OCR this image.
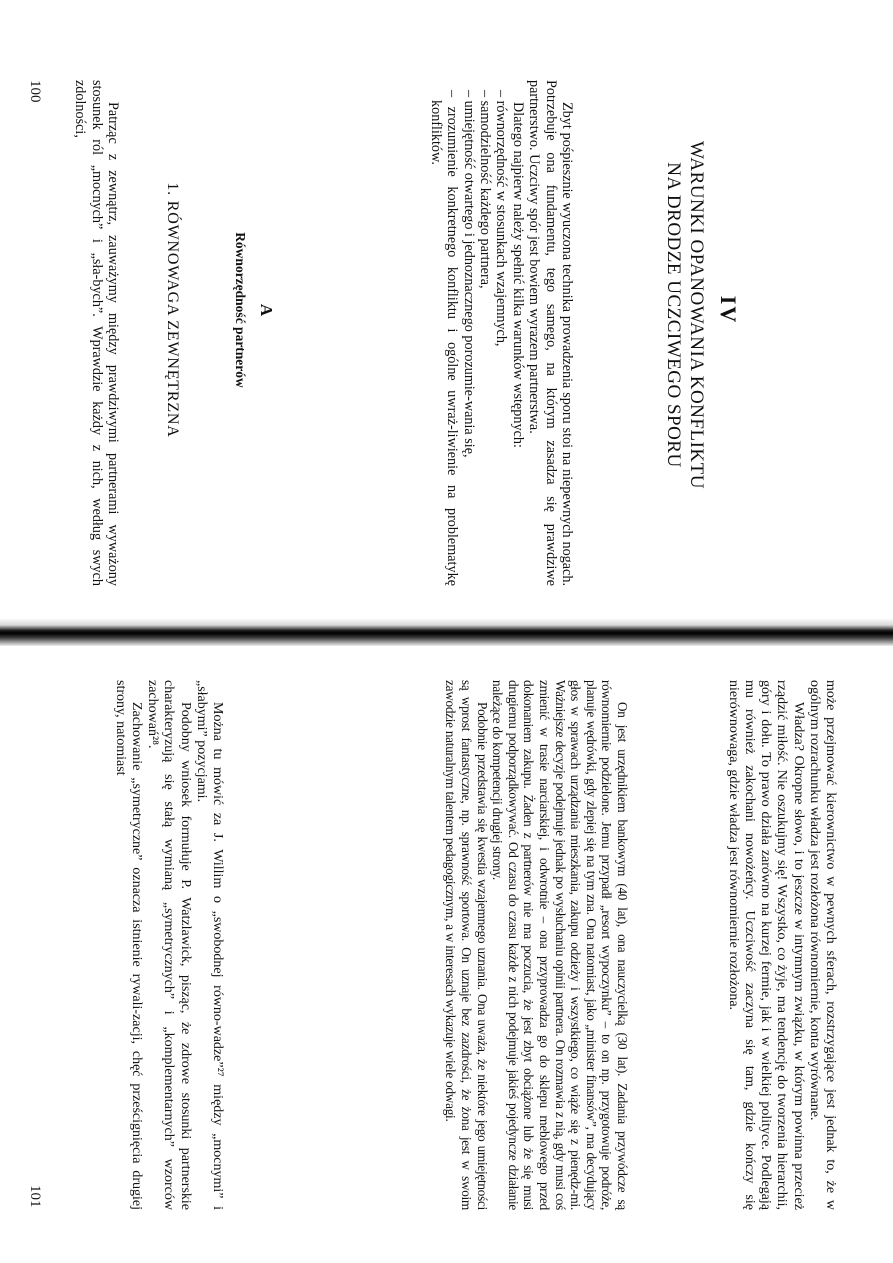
IV
WARUNKI OPANOWANIA KONFLIKTU
NA DRODZE UCZCIWEGO SPORU

Zbyt pośpiesznie wyuczona technika prowadzenia sporu stoi na niepewnych nogach. Potrzebuje ona fundamentu, tego samego, na którym zasadza się prawdziwe partnerstwo. Uczciwy spór jest bowiem wyrazem partnerstwa.

Dlatego najpierw należy spełnić kilka warunków wstępnych:

– równorzędność w stosunkach wzajemnych,
– samodzielność każdego partnera,
– umiejętność otwartego i jednoznacznego porozumie-wania się,
– zrozumienie konkretnego konfliktu i ogólne uwraż-liwienie na problematykę konfliktów.
A
Równorzędność partnerów
1. RÓWNOWAGA ZEWNĘTRZNA

Patrząc z zewnątrz, zauważymy między prawdziwymi partnerami wyważony stosunek ról „mocnych” i „sła-bych”. Wprawdzie każdy z nich, według swych zdolności,

100

może przejmować kierownictwo w pewnych sferach, rozstrzygające jest jednak to, że w ogólnym rozrachunku władza jest rozłożona równomiernie, konta wyrównane.

Władza? Okropne słowo, i to jeszcze w intymnym związku, w którym powinna przecież rządzić miłość. Nie oszukujmy się! Wszystko, co żyje, ma tendencję do tworzenia hierarchii, góry i dołu. To prawo działa zarówno na kurzej fermie, jak i w wielkiej polityce. Podlegają mu również zakochani nowożeńcy. Uczciwość zaczyna się tam, gdzie kończy się nierównowaga, gdzie władza jest równomiernie rozłożona.

On jest urzędnikiem bankowym (40 lat), ona nauczycielką (30 lat). Zadania przywódcze są równomiernie podzielone. Jemu przypadł „resort wypoczynku” – to on np. przygotowuje podróże, planuje wędrówki, gdy zlepiej się na tym zna. Ona natomiast, jako „minister finansów”, ma decydujący głos w sprawach urządzania mieszkania, zakupu odzieży i wszystkiego, co wiąże się z pienędz-mi. Ważniejsze decyzje podejmuje jednak po wysłuchaniu opinii partnera. On rozmawia z nią, gdy musi coś zmienić w trasie narciarskiej, i odwrotnie – ona przyprowadza go do sklepu meblowego przed dokonaniem zakupu. Żaden z partnerów nie ma poczucia, że jest zbyt obciążone lub że się musi drugiemu podporządkowywać. Od czasu do czasu każde z nich podejmuje jakieś pojedyncze działanie należące do kompetencji drugiej strony.

Podobnie przedstawia się kwestia wzajemnego uznania. Ona uważa, że niektóre jego umiejętności są wprost fantastyczne, np. sprawność sportowa. On uznaje bez zazdrości, że żona jest w swoim zawodzie naturalnym talentem pedagogicznym, a w interesach wykazuje wiele odwagi.

Można tu mówić za J. Willim o „swobodnej równo-wadze”²⁷ między „mocnymi” i „słabymi” pozycjami.

Podobny wniosek formułuje P. Watzlawick, pisząc, że zdrowe stosunki partnerskie charakteryzują się stałą wymianą „symetrycznych” i „komplementarnych” wzorców zachowań²⁸.

Zachowanie „symetryczne” oznacza istnienie rywali-zacji, chęć prześcignięcia drugiej strony, natomiast

101
